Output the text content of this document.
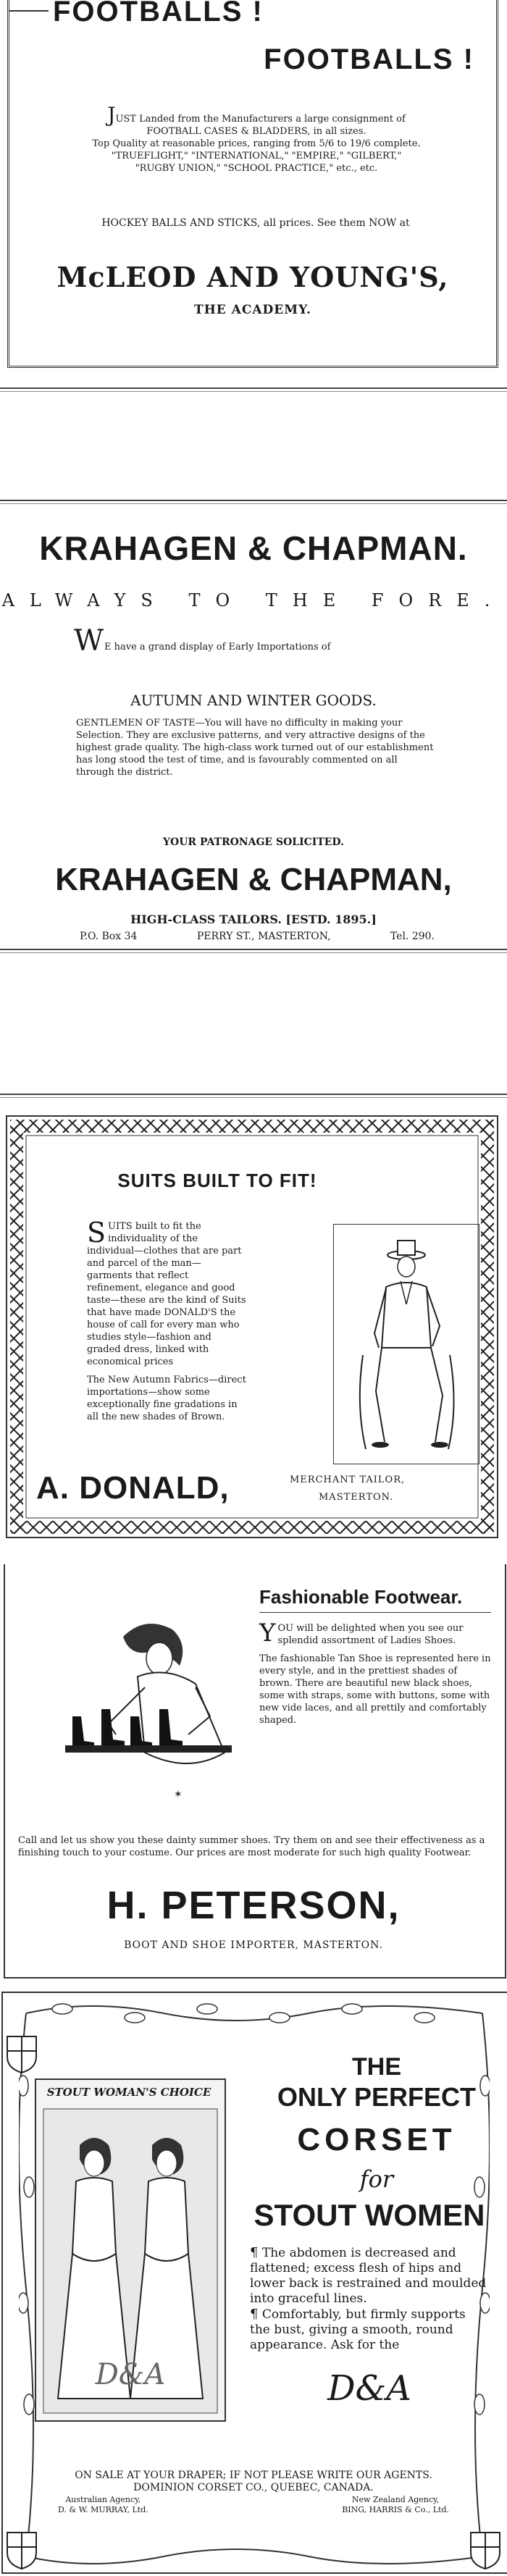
FOOTBALLS !
FOOTBALLS !
JUST Landed from the Manufacturers a large consignment of
FOOTBALL CASES & BLADDERS, in all sizes.
Top Quality at reasonable prices, ranging from 5/6 to 19/6 complete.
"TRUEFLIGHT," "INTERNATIONAL," "EMPIRE," "GILBERT,"
"RUGBY UNION," "SCHOOL PRACTICE," etc., etc.
HOCKEY BALLS AND STICKS, all prices. See them NOW at
McLEOD AND YOUNG'S,
THE ACADEMY.
KRAHAGEN & CHAPMAN.
ALWAYS TO THE FORE.
W E have a grand display of Early Importations of
AUTUMN AND WINTER GOODS.
GENTLEMEN OF TASTE—You will have no difficulty in making your Selection. They are exclusive patterns, and very attractive designs of the highest grade quality. The high-class work turned out of our establishment has long stood the test of time, and is favourably commented on all through the district.
YOUR PATRONAGE SOLICITED.
KRAHAGEN & CHAPMAN,
HIGH-CLASS TAILORS. [ESTD. 1895.]
P.O. Box 34	PERRY ST., MASTERTON,	Tel. 290.
SUITS BUILT TO FIT!
SUITS built to fit the individuality of the individual—clothes that are part and parcel of the man—garments that reflect refinement, elegance and good taste—these are the kind of Suits that have made DONALD'S the house of call for every man who studies style—fashion and graded dress, linked with economical prices
The New Autumn Fabrics—direct importations—show some exceptionally fine gradations in all the new shades of Brown.
A. DONALD,	MERCHANT TAILOR,
MASTERTON.
Fashionable Footwear.
YOU will be delighted when you see our splendid assortment of Ladies Shoes.
The fashionable Tan Shoe is represented here in every style, and in the prettiest shades of brown. There are beautiful new black shoes, some with straps, some with buttons, some with new vide laces, and all prettily and comfortably shaped.
✶
Call and let us show you these dainty summer shoes. Try them on and see their effectiveness as a finishing touch to your costume. Our prices are most moderate for such high quality Footwear.
H. PETERSON,
BOOT AND SHOE IMPORTER, MASTERTON.
D&A
STOUT WOMAN'S CHOICE
THE
ONLY PERFECT
CORSET
for
STOUT WOMEN
¶ The abdomen is decreased and flattened; excess flesh of hips and lower back is restrained and moulded into graceful lines.
¶ Comfortably, but firmly supports the bust, giving a smooth, round appearance. Ask for the
D&A
ON SALE AT YOUR DRAPER; IF NOT PLEASE WRITE OUR AGENTS.
DOMINION CORSET CO., QUEBEC, CANADA.
Australian Agency,
D. & W. MURRAY, Ltd.
New Zealand Agency,
BING, HARRIS & Co., Ltd.
